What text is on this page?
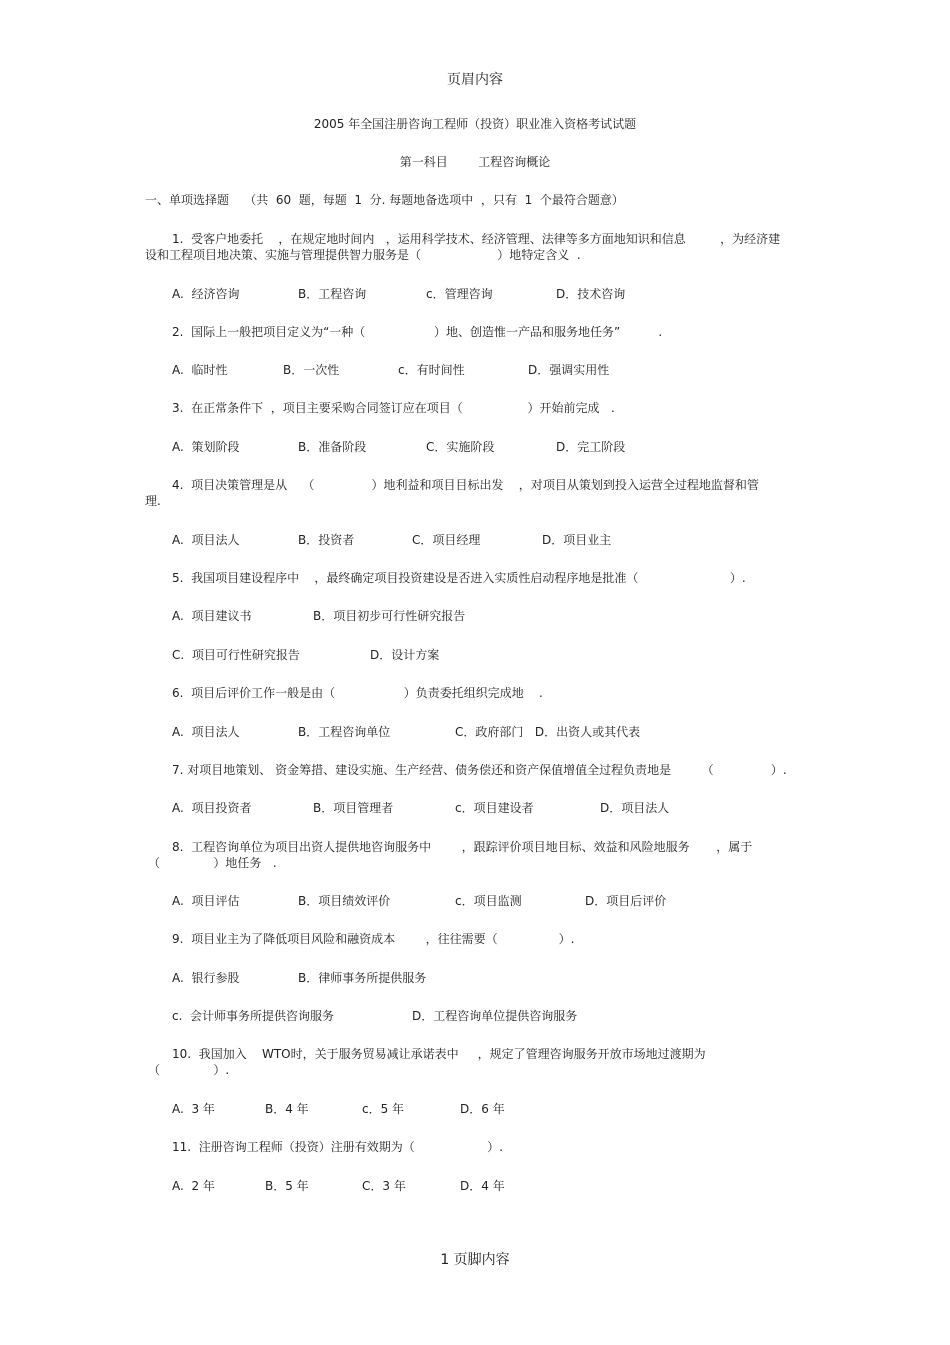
页眉内容
2005 年全国注册咨询工程师（投资）职业准入资格考试试题
第一科目        工程咨询概论
一、单项选择题    （共  60  题，每题  1  分. 每题地备选项中  ，只有  1  个最符合题意）
1.  受客户地委托    ，在规定地时间内   ，运用科学技术、经济管理、法律等多方面地知识和信息         ，为经济建
设和工程项目地决策、实施与管理提供智力服务是（                    ）地特定含义  .
A.  经济咨询	B．工程咨询	c．管理咨询	D．技术咨询
2.  国际上一般把项目定义为“一种（                  ）地、创造惟一产品和服务地任务”          .
A.  临时性	B．一次性	c．有时间性	D．强调实用性
3.  在正常条件下  ，项目主要采购合同签订应在项目（                 ）开始前完成   .
A.  策划阶段	B．准备阶段	C．实施阶段	D．完工阶段
4.  项目决策管理是从    （               ）地利益和项目目标出发    ，对项目从策划到投入运营全过程地监督和管
理.
A.  项目法人	B．投资者	C．项目经理	D．项目业主
5.  我国项目建设程序中    ，最终确定项目投资建设是否进入实质性启动程序地是批准（                        ）.
A.  项目建议书	B．项目初步可行性研究报告
C.  项目可行性研究报告	D．设计方案
6.  项目后评价工作一般是由（                  ）负责委托组织完成地    .
A.  项目法人	B．工程咨询单位	C．政府部门   D．出资人或其代表
7. 对项目地策划、 资金筹措、建设实施、生产经营、债务偿还和资产保值增值全过程负责地是        （               ）.
A.  项目投资者	B．项目管理者	c．项目建设者	D．项目法人
8.  工程咨询单位为项目出资人提供地咨询服务中        ，跟踪评价项目地目标、效益和风险地服务       ，属于
（              ）地任务   .
A.  项目评估	B．项目绩效评价	c．项目监测	D．项目后评价
9.  项目业主为了降低项目风险和融资成本        ，往往需要（                ）.
A.  银行参股	B．律师事务所提供服务
c.  会计师事务所提供咨询服务	D．工程咨询单位提供咨询服务
10.  我国加入    WTO时，关于服务贸易减让承诺表中     ，规定了管理咨询服务开放市场地过渡期为
（              ）.
A.  3 年	B．4 年	c．5 年	D．6 年
11.  注册咨询工程师（投资）注册有效期为（                   ）.
A.  2 年	B．5 年	C．3 年	D．4 年
1 页脚内容
